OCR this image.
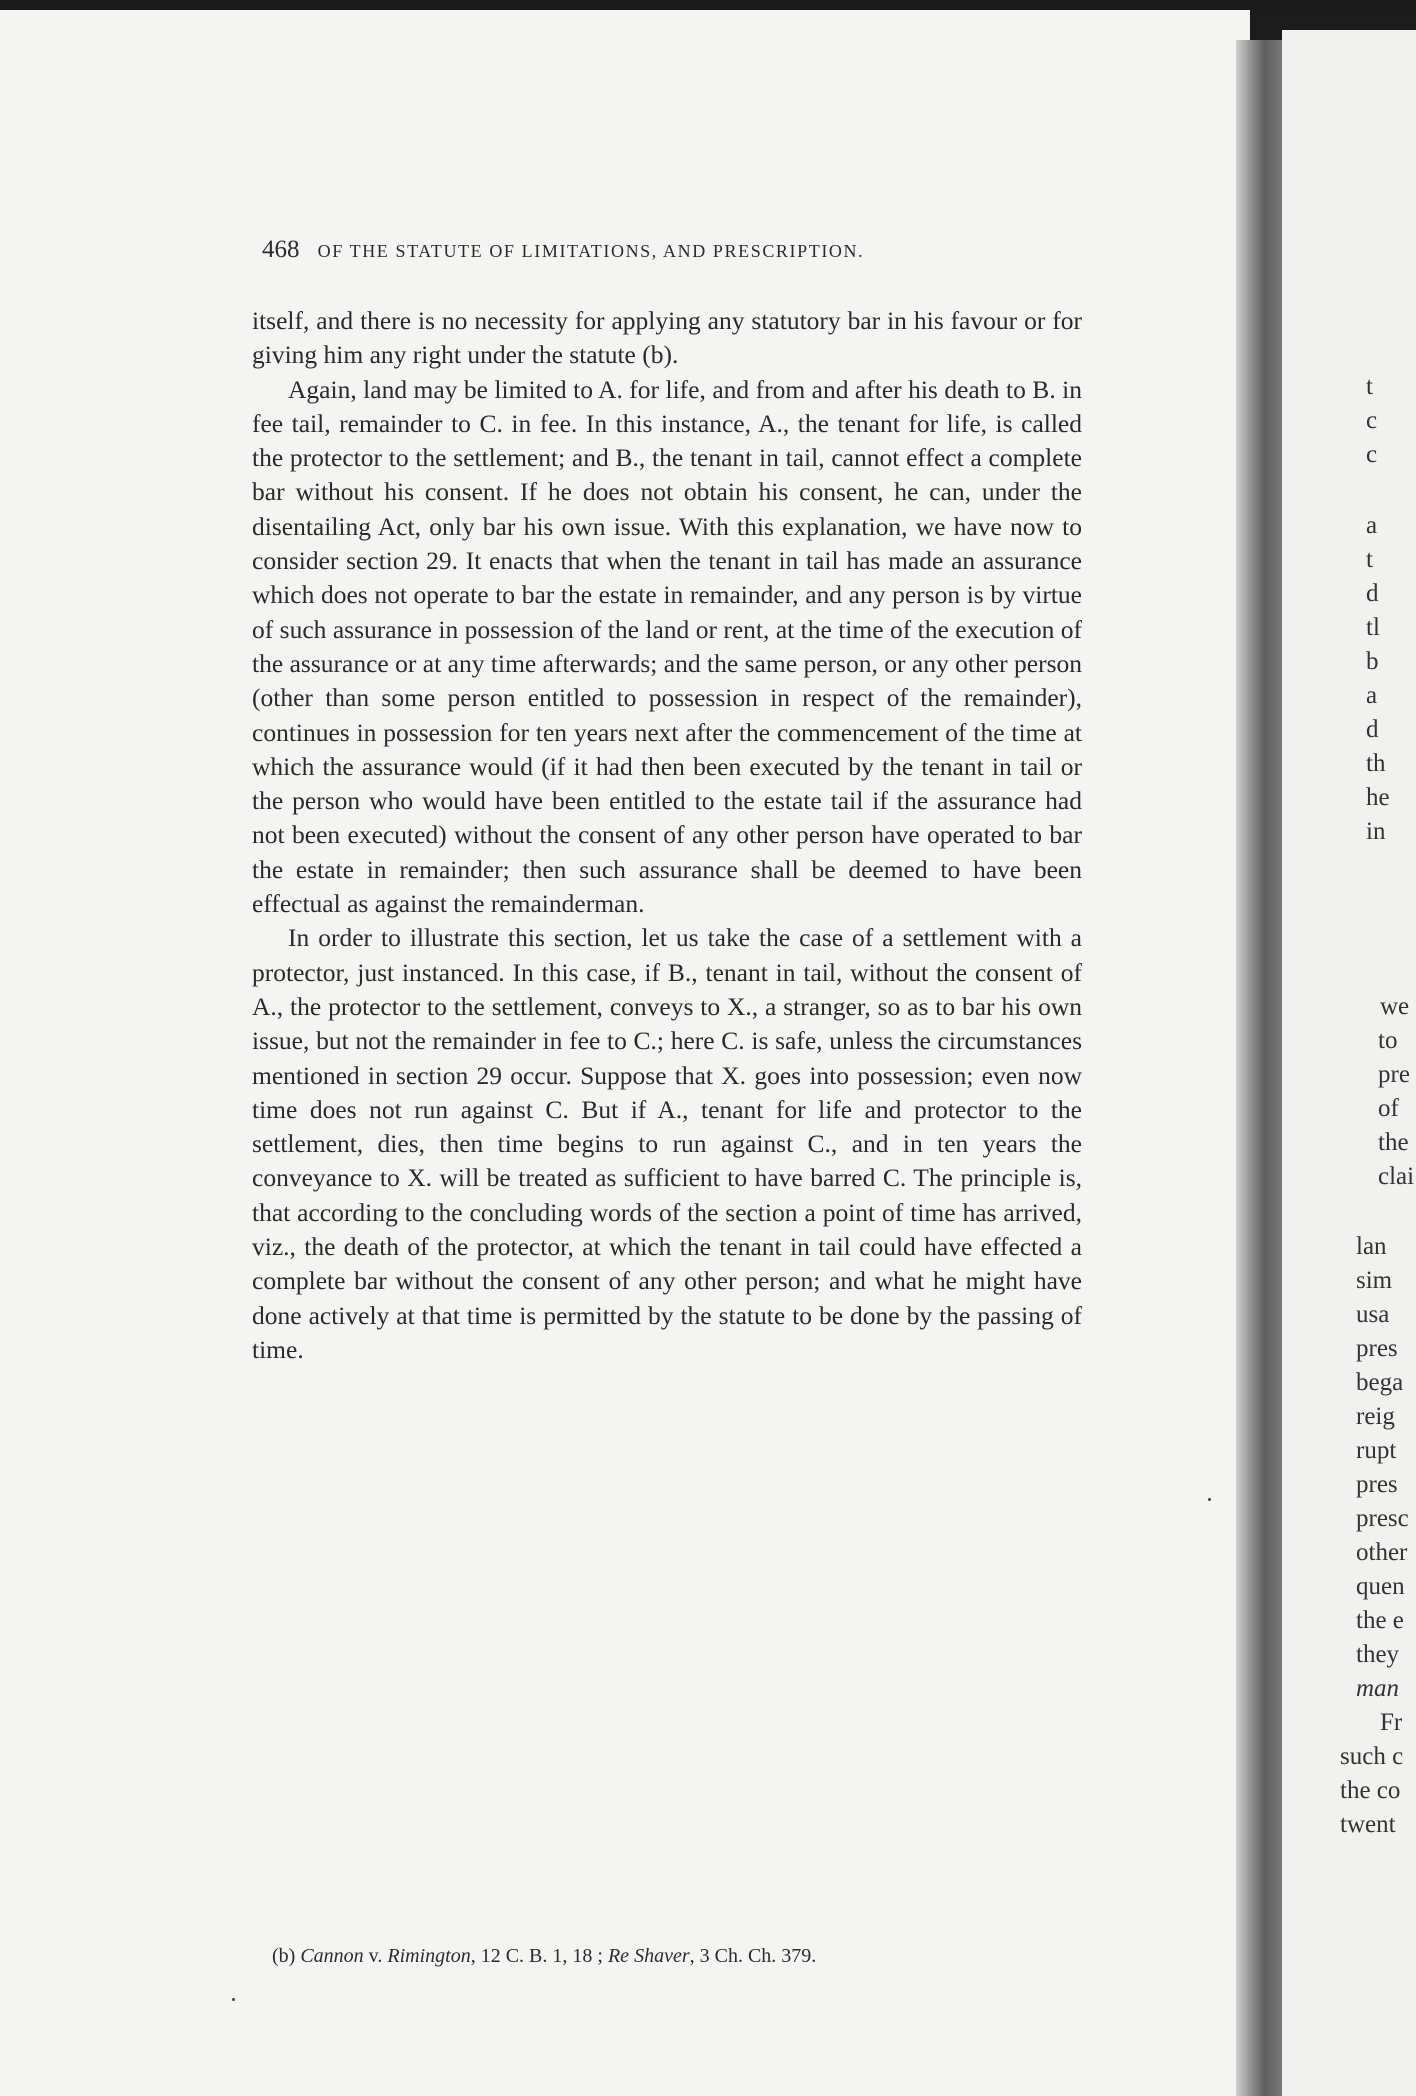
468 OF THE STATUTE OF LIMITATIONS, AND PRESCRIPTION.

itself, and there is no necessity for applying any statutory bar in his favour or for giving him any right under the statute (b).

Again, land may be limited to A. for life, and from and after his death to B. in fee tail, remainder to C. in fee. In this instance, A., the tenant for life, is called the protector to the settlement; and B., the tenant in tail, cannot effect a complete bar without his consent. If he does not obtain his consent, he can, under the disentailing Act, only bar his own issue. With this explanation, we have now to consider section 29. It enacts that when the tenant in tail has made an assurance which does not operate to bar the estate in remainder, and any person is by virtue of such assurance in possession of the land or rent, at the time of the execution of the assurance or at any time afterwards; and the same person, or any other person (other than some person entitled to possession in respect of the remainder), continues in possession for ten years next after the commencement of the time at which the assurance would (if it had then been executed by the tenant in tail or the person who would have been entitled to the estate tail if the assurance had not been executed) without the consent of any other person have operated to bar the estate in remainder; then such assurance shall be deemed to have been effectual as against the remainderman.

In order to illustrate this section, let us take the case of a settlement with a protector, just instanced. In this case, if B., tenant in tail, without the consent of A., the protector to the settlement, conveys to X., a stranger, so as to bar his own issue, but not the remainder in fee to C.; here C. is safe, unless the circumstances mentioned in section 29 occur. Suppose that X. goes into possession; even now time does not run against C. But if A., tenant for life and protector to the settlement, dies, then time begins to run against C., and in ten years the conveyance to X. will be treated as sufficient to have barred C. The principle is, that according to the concluding words of the section a point of time has arrived, viz., the death of the protector, at which the tenant in tail could have effected a complete bar without the consent of any other person; and what he might have done actively at that time is permitted by the statute to be done by the passing of time.

(b) Cannon v. Rimington, 12 C. B. 1, 18 ; Re Shaver, 3 Ch. Ch. 379.
t
c
c
a
t
d
tl
b
a
d
th
he
in
we
to
pre
of
the
clai
lan
sim
usa
pres
bega
reig
rupt
pres
presc
other
quen
the e
they
man
Fr
such c
the co
twent
